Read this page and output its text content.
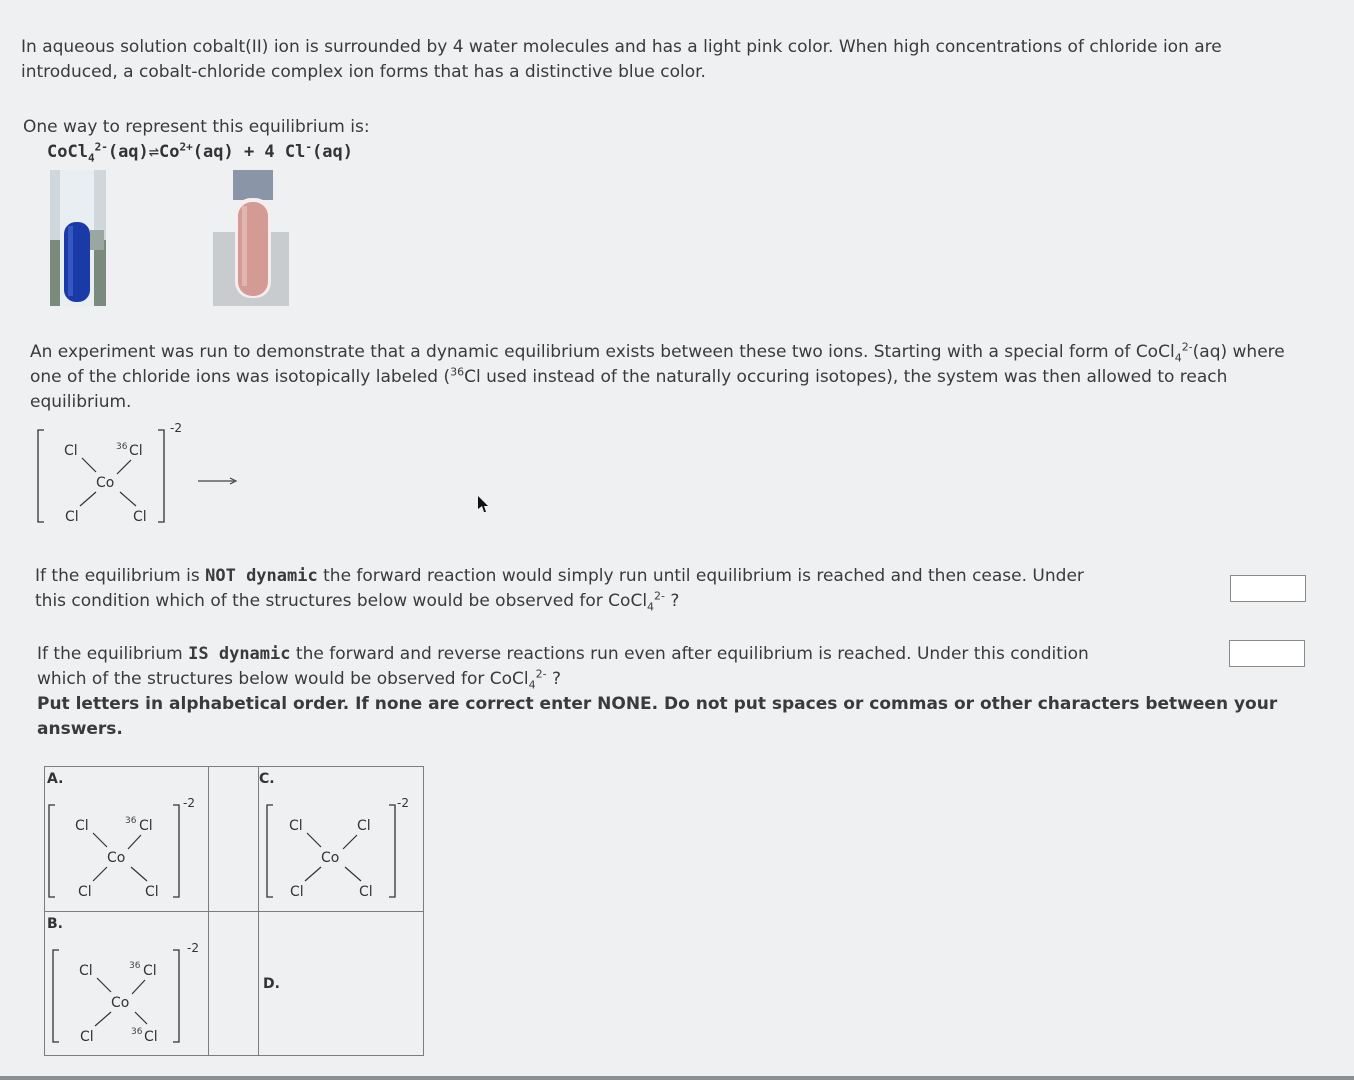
In aqueous solution cobalt(II) ion is surrounded by 4 water molecules and has a light pink color. When high concentrations of chloride ion are
introduced, a cobalt-chloride complex ion forms that has a distinctive blue color.
One way to represent this equilibrium is:
$CoCl_4^{2-}(aq)\rightleftharpoons Co^{2+}(aq) + 4$ Cl-(aq)
An experiment was run to demonstrate that a dynamic equilibrium exists between these two ions. Starting with a special form of CoCl$_4^{2-}$(aq) where
one of the chloride ions was isotopically labeled ($^{36}$Cl used instead of the naturally occuring isotopes), the system was then allowed to reach
equilibrium.
-2
Cl	36 Cl
Co
Cl	Cl
If the equilibrium is NOT dynamic the forward reaction would simply run until equilibrium is reached and then cease. Under
this condition which of the structures below would be observed for CoCl$_4^{2-}$ ?
If the equilibrium IS dynamic the forward and reverse reactions run even after equilibrium is reached. Under this condition
which of the structures below would be observed for CoCl$_4^{2-}$ ?
Put letters in alphabetical order. If none are correct enter NONE. Do not put spaces or commas or other characters between your
answers.
A.
-2
Cl	36 Cl
Co
Cl	Cl
C.
-2
Cl	Cl
Co
Cl	Cl
B.
-2
Cl	36 Cl
Co
Cl	36 Cl
D.
